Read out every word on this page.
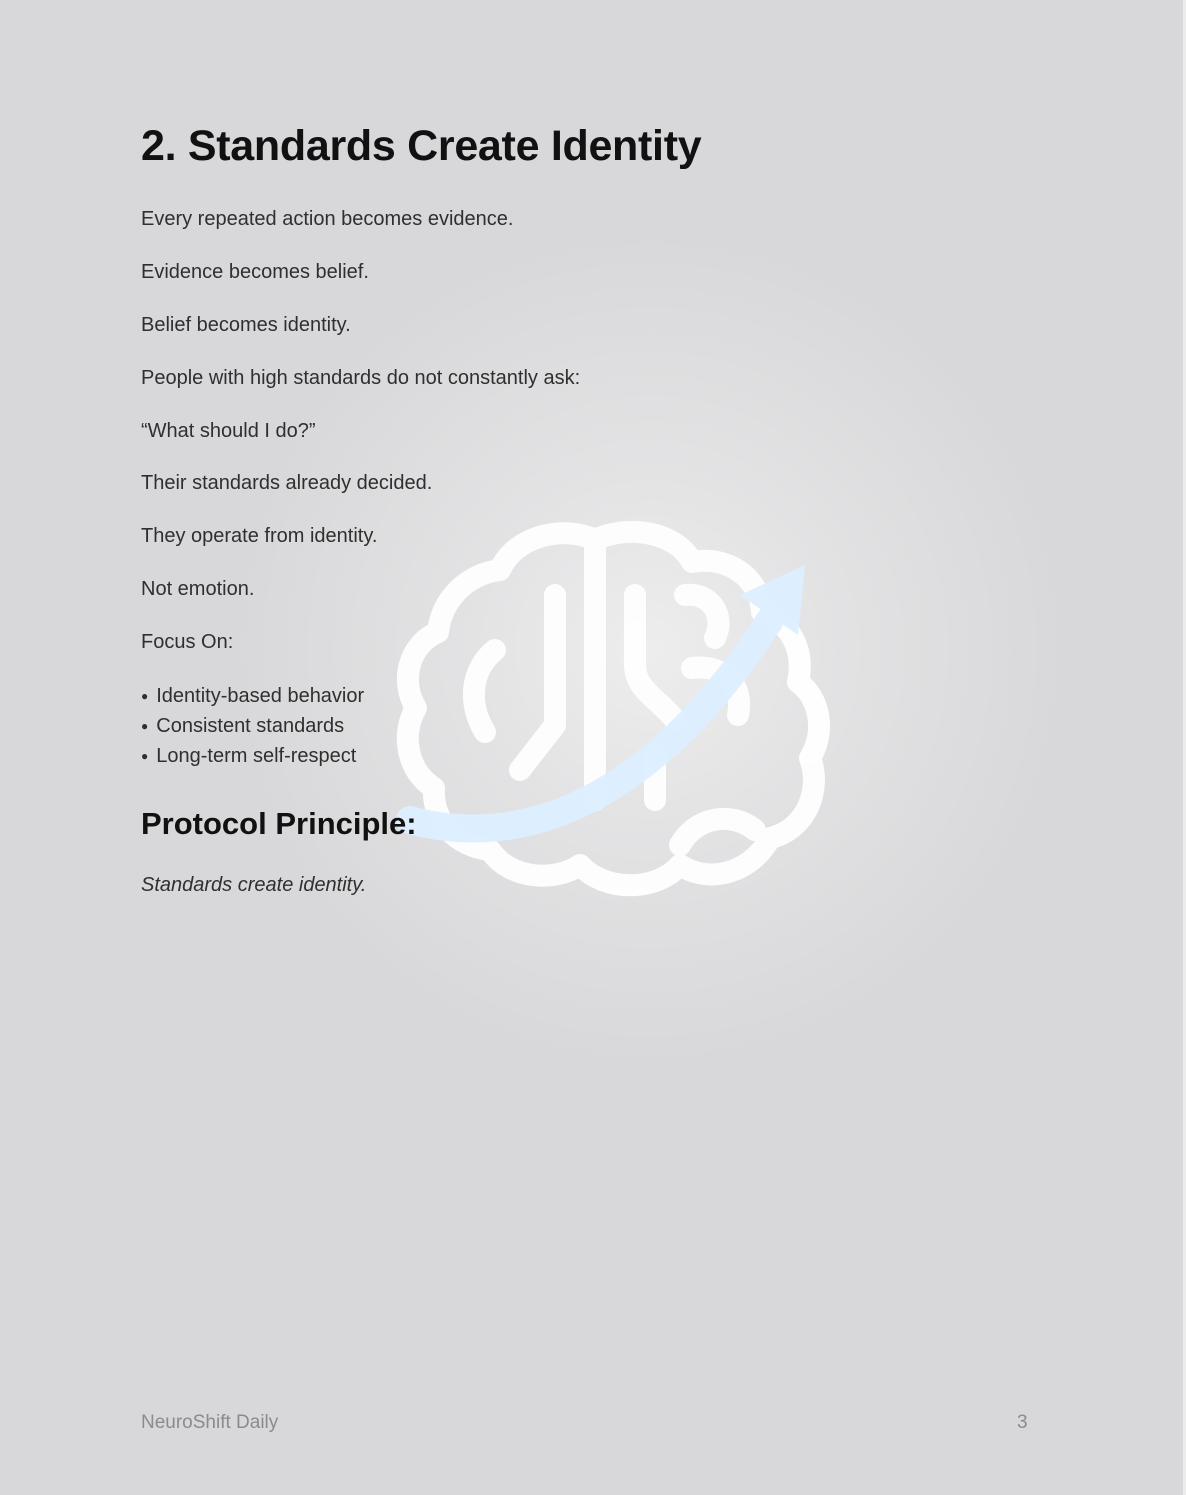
2. Standards Create Identity

Every repeated action becomes evidence.

Evidence becomes belief.

Belief becomes identity.

People with high standards do not constantly ask:

“What should I do?”

Their standards already decided.

They operate from identity.

Not emotion.

Focus On:

● Identity-based behavior
● Consistent standards
● Long-term self-respect
Protocol Principle:

Standards create identity.

NeuroShift Daily	3
